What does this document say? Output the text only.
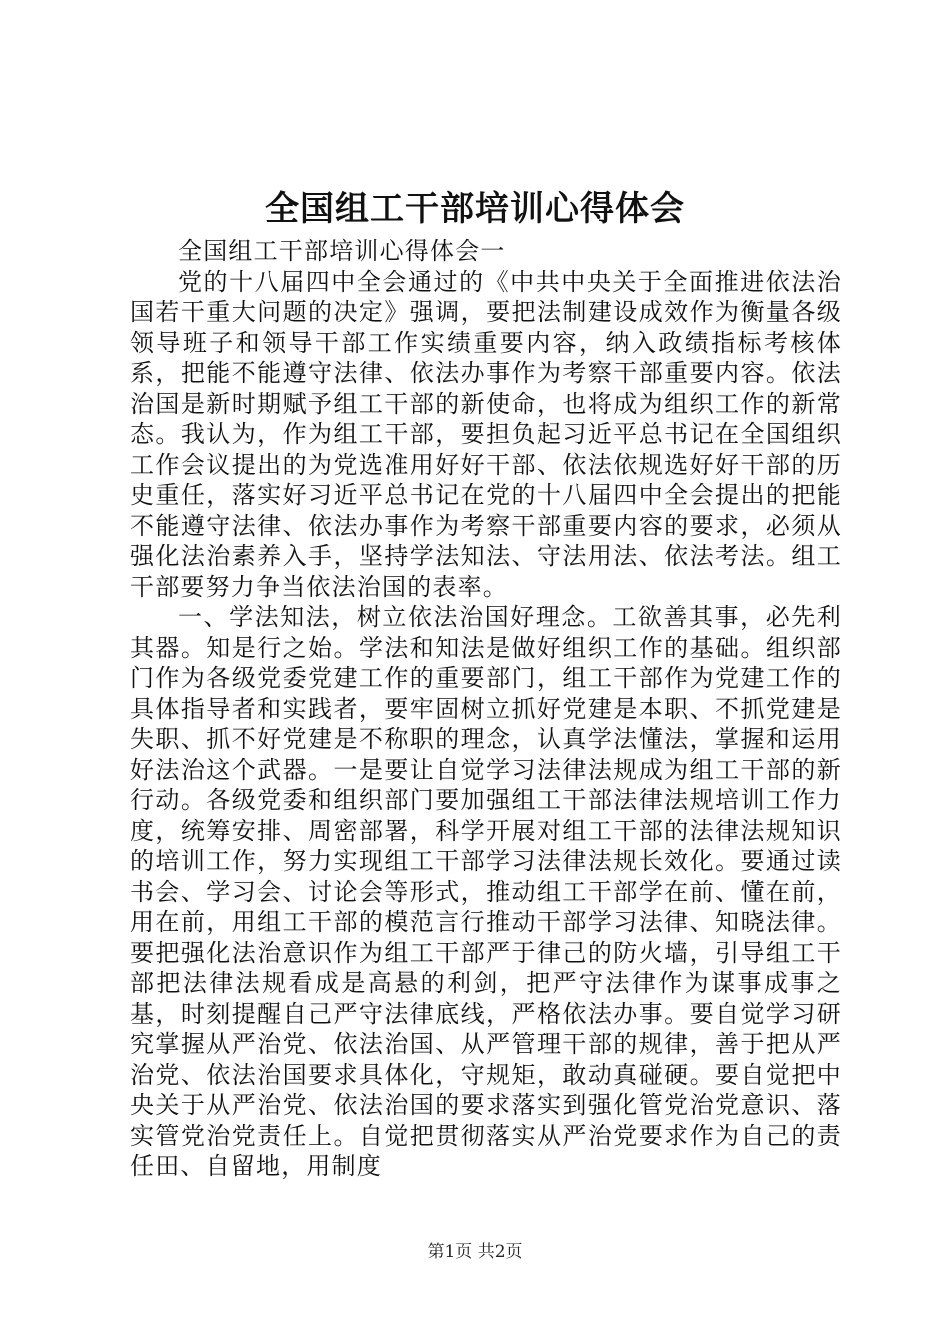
全国组工干部培训心得体会

全国组工干部培训心得体会一

党的十八届四中全会通过的《中共中央关于全面推进依法治国若干重大问题的决定》强调，要把法制建设成效作为衡量各级领导班子和领导干部工作实绩重要内容，纳入政绩指标考核体系，把能不能遵守法律、依法办事作为考察干部重要内容。依法治国是新时期赋予组工干部的新使命，也将成为组织工作的新常态。我认为，作为组工干部，要担负起习近平总书记在全国组织工作会议提出的为党选准用好好干部、依法依规选好好干部的历史重任，落实好习近平总书记在党的十八届四中全会提出的把能不能遵守法律、依法办事作为考察干部重要内容的要求，必须从强化法治素养入手，坚持学法知法、守法用法、依法考法。组工干部要努力争当依法治国的表率。

一、学法知法，树立依法治国好理念。工欲善其事，必先利其器。知是行之始。学法和知法是做好组织工作的基础。组织部门作为各级党委党建工作的重要部门，组工干部作为党建工作的具体指导者和实践者，要牢固树立抓好党建是本职、不抓党建是失职、抓不好党建是不称职的理念，认真学法懂法，掌握和运用好法治这个武器。一是要让自觉学习法律法规成为组工干部的新行动。各级党委和组织部门要加强组工干部法律法规培训工作力度，统筹安排、周密部署，科学开展对组工干部的法律法规知识的培训工作，努力实现组工干部学习法律法规长效化。要通过读书会、学习会、讨论会等形式，推动组工干部学在前、懂在前，用在前，用组工干部的模范言行推动干部学习法律、知晓法律。要把强化法治意识作为组工干部严于律己的防火墙，引导组工干部把法律法规看成是高悬的利剑，把严守法律作为谋事成事之基，时刻提醒自己严守法律底线，严格依法办事。要自觉学习研究掌握从严治党、依法治国、从严管理干部的规律，善于把从严治党、依法治国要求具体化，守规矩，敢动真碰硬。要自觉把中央关于从严治党、依法治国的要求落实到强化管党治党意识、落实管党治党责任上。自觉把贯彻落实从严治党要求作为自己的责任田、自留地，用制度

第1页 共2页
